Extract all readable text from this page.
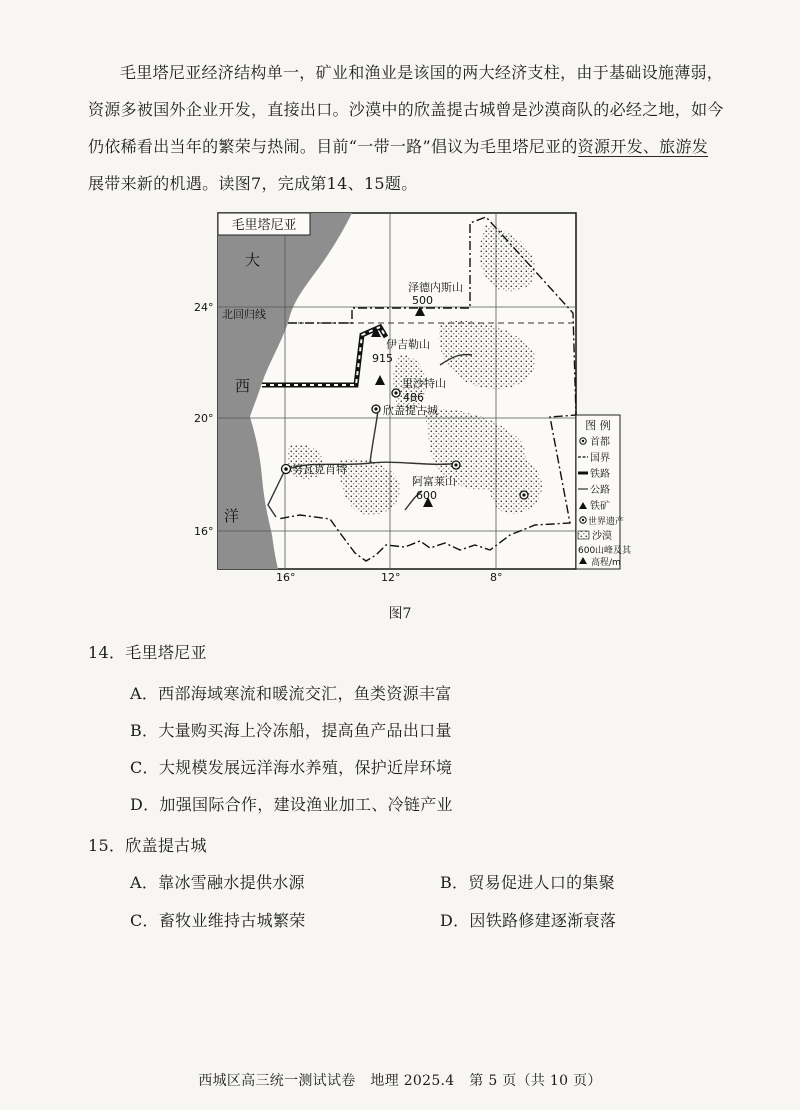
毛里塔尼亚经济结构单一，矿业和渔业是该国的两大经济支柱，由于基础设施薄弱，

资源多被国外企业开发，直接出口。沙漠中的欣盖提古城曾是沙漠商队的必经之地，如今

仍依稀看出当年的繁荣与热闹。目前“一带一路”倡议为毛里塔尼亚的资源开发、旅游发

展带来新的机遇。读图7，完成第14、15题。

毛里塔尼亚
大
西
洋
24°
20°
16°
16°	12°	8°
北回归线
泽德内斯山
500
伊吉勒山
915
里沙特山
486
欣盖提古城
努瓦克肖特
阿富莱山
600
图 例
首都
国界
铁路
公路
铁矿
世界遗产
沙漠
600 山峰及其
高程/m
图7
14．毛里塔尼亚
A．西部海域寒流和暖流交汇，鱼类资源丰富
B．大量购买海上冷冻船，提高鱼产品出口量
C．大规模发展远洋海水养殖，保护近岸环境
D．加强国际合作，建设渔业加工、冷链产业
15．欣盖提古城
A．靠冰雪融水提供水源	B．贸易促进人口的集聚
C．畜牧业维持古城繁荣	D．因铁路修建逐渐衰落
西城区高三统一测试试卷 地理 2025.4 第 5 页（共 10 页）
